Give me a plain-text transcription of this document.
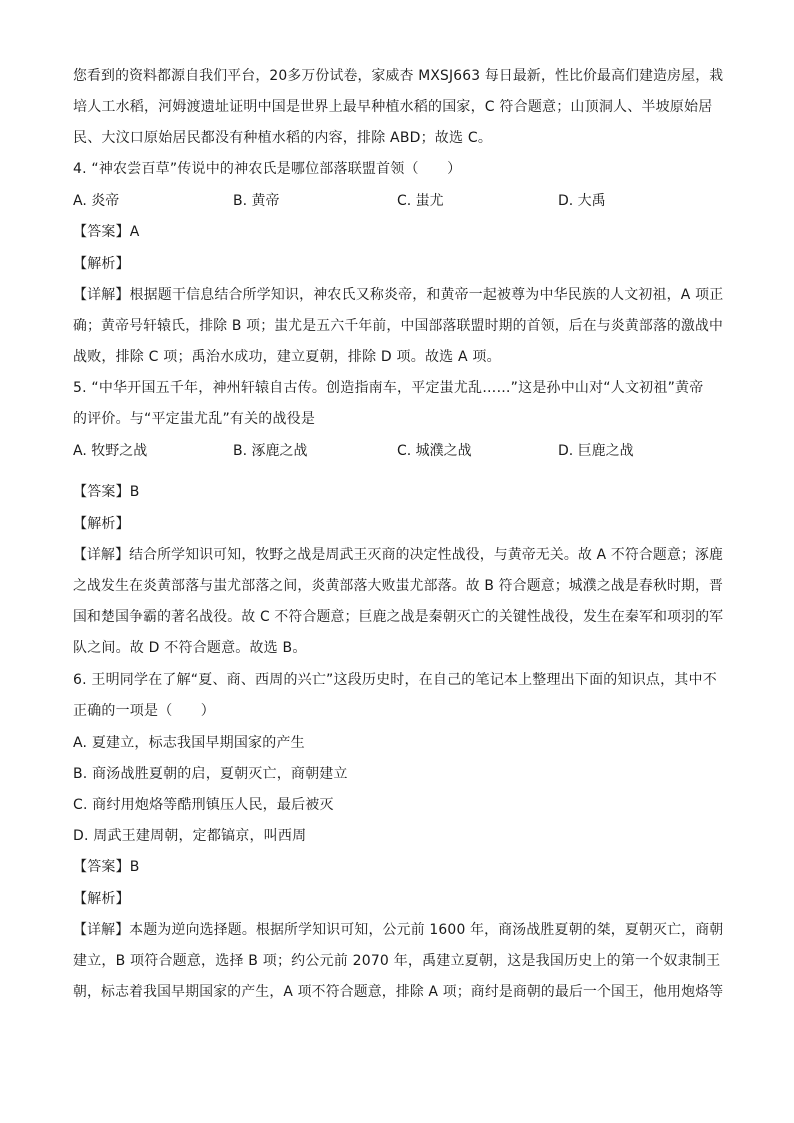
您看到的资料都源自我们平台，20多万份试卷，家威杏 MXSJ663 每日最新，性比价最高们建造房屋，栽
培人工水稻，河姆渡遗址证明中国是世界上最早种植水稻的国家，C 符合题意；山顶洞人、半坡原始居
民、大汶口原始居民都没有种植水稻的内容，排除 ABD；故选 C。
4. “神农尝百草”传说中的神农氏是哪位部落联盟首领（　　）
A. 炎帝	B. 黄帝	C. 蚩尤	D. 大禹
【答案】A
【解析】
【详解】根据题干信息结合所学知识，神农氏又称炎帝，和黄帝一起被尊为中华民族的人文初祖，A 项正
确；黄帝号轩辕氏，排除 B 项；蚩尤是五六千年前，中国部落联盟时期的首领，后在与炎黄部落的激战中
战败，排除 C 项；禹治水成功，建立夏朝，排除 D 项。故选 A 项。
5. “中华开国五千年，神州轩辕自古传。创造指南车，平定蚩尤乱……”这是孙中山对“人文初祖”黄帝
的评价。与“平定蚩尤乱”有关的战役是
A. 牧野之战	B. 涿鹿之战	C. 城濮之战	D. 巨鹿之战
【答案】B
【解析】
【详解】结合所学知识可知，牧野之战是周武王灭商的决定性战役，与黄帝无关。故 A 不符合题意；涿鹿
之战发生在炎黄部落与蚩尤部落之间，炎黄部落大败蚩尤部落。故 B 符合题意；城濮之战是春秋时期，晋
国和楚国争霸的著名战役。故 C 不符合题意；巨鹿之战是秦朝灭亡的关键性战役，发生在秦军和项羽的军
队之间。故 D 不符合题意。故选 B。
6. 王明同学在了解“夏、商、西周的兴亡”这段历史时，在自己的笔记本上整理出下面的知识点，其中不
正确的一项是（　　）
A. 夏建立，标志我国早期国家的产生
B. 商汤战胜夏朝的启，夏朝灭亡，商朝建立
C. 商纣用炮烙等酷刑镇压人民，最后被灭
D. 周武王建周朝，定都镐京，叫西周
【答案】B
【解析】
【详解】本题为逆向选择题。根据所学知识可知，公元前 1600 年，商汤战胜夏朝的桀，夏朝灭亡，商朝
建立，B 项符合题意，选择 B 项；约公元前 2070 年，禹建立夏朝，这是我国历史上的第一个奴隶制王
朝，标志着我国早期国家的产生，A 项不符合题意，排除 A 项；商纣是商朝的最后一个国王，他用炮烙等
